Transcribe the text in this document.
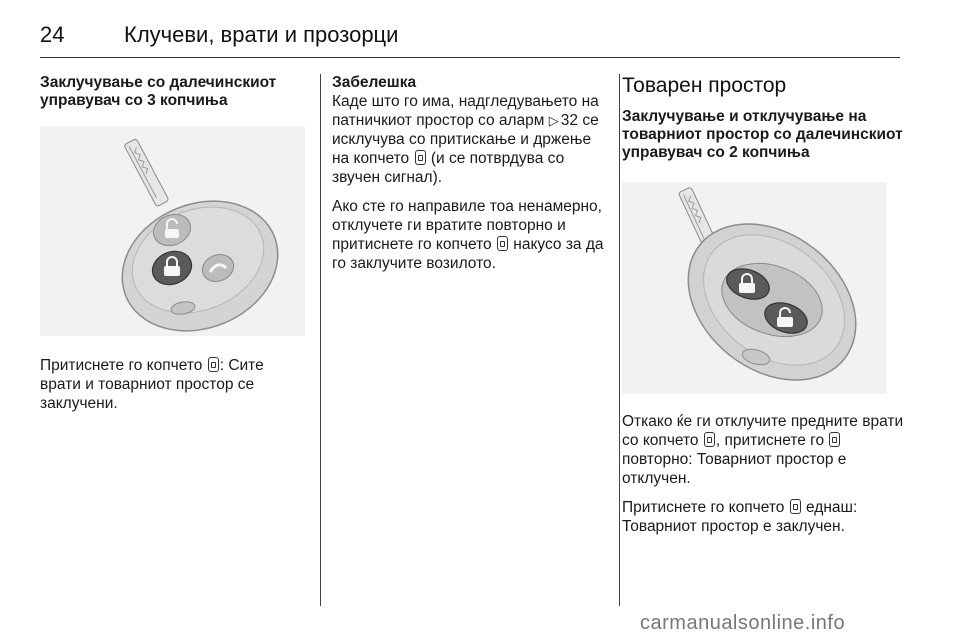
24	Клучеви, врати и прозорци
Заклучување со далечинскиот управувач со 3 копчиња

Притиснете го копчето : Сите врати и товарниот простор се заклучени.

Забелешка

Каде што го има, надгледувањето на патничкиот простор со аларм ▷ 32 се исклучува со притискање и држење на копчето (и се потврдува со звучен сигнал).

Ако сте го направиле тоа ненамерно, отклучете ги вратите повторно и притиснете го копчето накусо за да го заклучите возилото.

Товарен простор
Заклучување и отклучување на товарниот простор со далечинскиот управувач со 2 копчиња

Откако ќе ги отклучите предните врати со копчето , притиснете го  повторно: Товарниот простор е отклучен.

Притиснете го копчето еднаш: Товарниот простор е заклучен.

carmanualsonline.info
